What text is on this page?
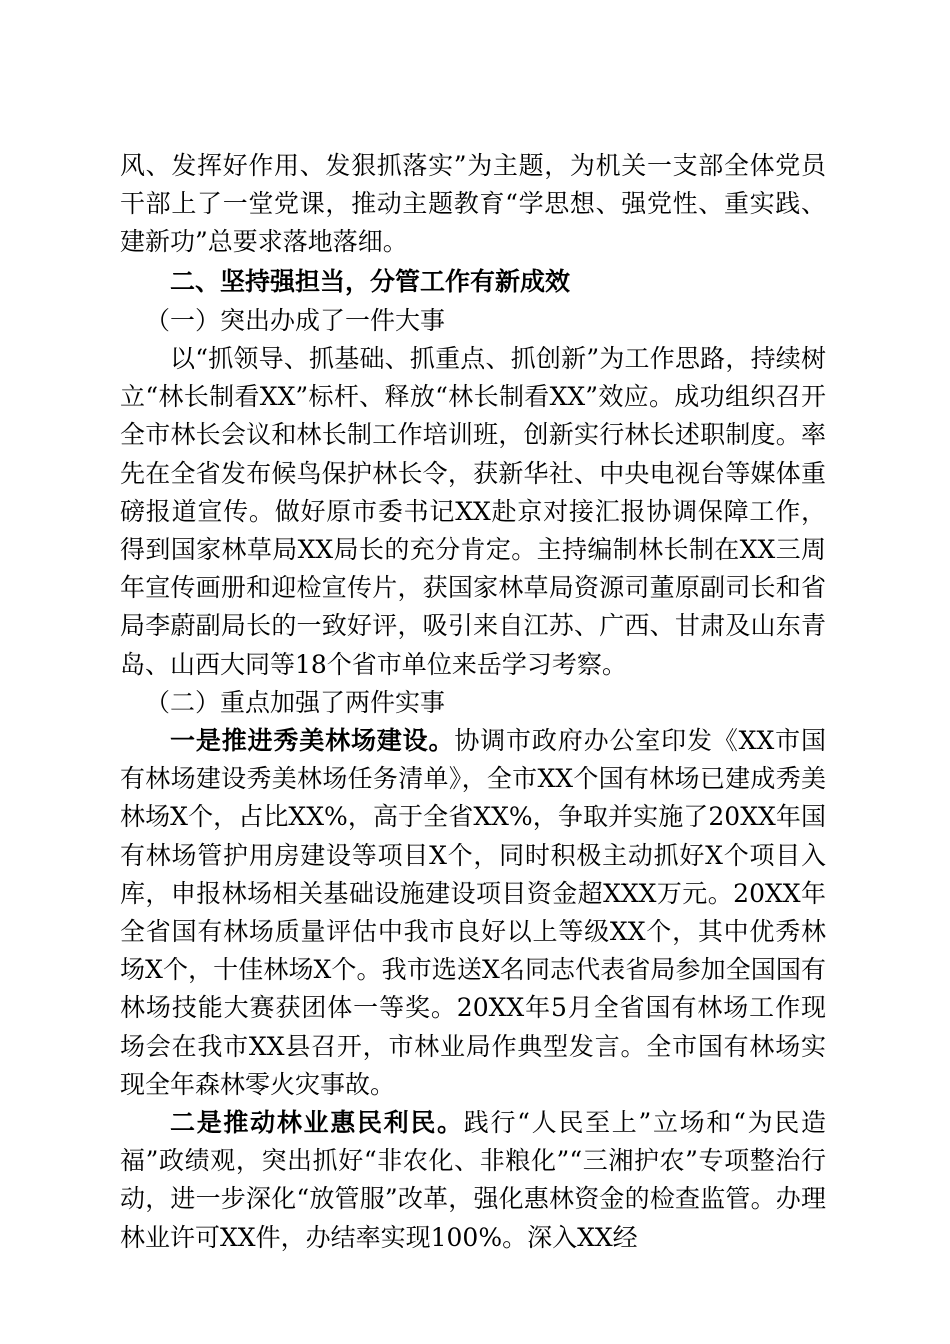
风、发挥好作用、发狠抓落实”为主题，为机关一支部全体党员干部上了一堂党课，推动主题教育“学思想、强党性、重实践、建新功”总要求落地落细。

二、坚持强担当，分管工作有新成效

（一）突出办成了一件大事

以“抓领导、抓基础、抓重点、抓创新”为工作思路，持续树立“林长制看XX”标杆、释放“林长制看XX”效应。成功组织召开全市林长会议和林长制工作培训班，创新实行林长述职制度。率先在全省发布候鸟保护林长令，获新华社、中央电视台等媒体重磅报道宣传。做好原市委书记XX赴京对接汇报协调保障工作，得到国家林草局XX局长的充分肯定。主持编制林长制在XX三周年宣传画册和迎检宣传片，获国家林草局资源司董原副司长和省局李蔚副局长的一致好评，吸引来自江苏、广西、甘肃及山东青岛、山西大同等18个省市单位来岳学习考察。

（二）重点加强了两件实事

一是推进秀美林场建设。协调市政府办公室印发《XX市国有林场建设秀美林场任务清单》，全市XX个国有林场已建成秀美林场X个，占比XX%，高于全省XX%，争取并实施了20XX年国有林场管护用房建设等项目X个，同时积极主动抓好X个项目入库，申报林场相关基础设施建设项目资金超XXX万元。20XX年全省国有林场质量评估中我市良好以上等级XX个，其中优秀林场X个，十佳林场X个。我市选送X名同志代表省局参加全国国有林场技能大赛获团体一等奖。20XX年5月全省国有林场工作现场会在我市XX县召开，市林业局作典型发言。全市国有林场实现全年森林零火灾事故。

二是推动林业惠民利民。践行“人民至上”立场和“为民造福”政绩观，突出抓好“非农化、非粮化”“三湘护农”专项整治行动，进一步深化“放管服”改革，强化惠林资金的检查监管。办理林业许可XX件，办结率实现100%。深入XX经
